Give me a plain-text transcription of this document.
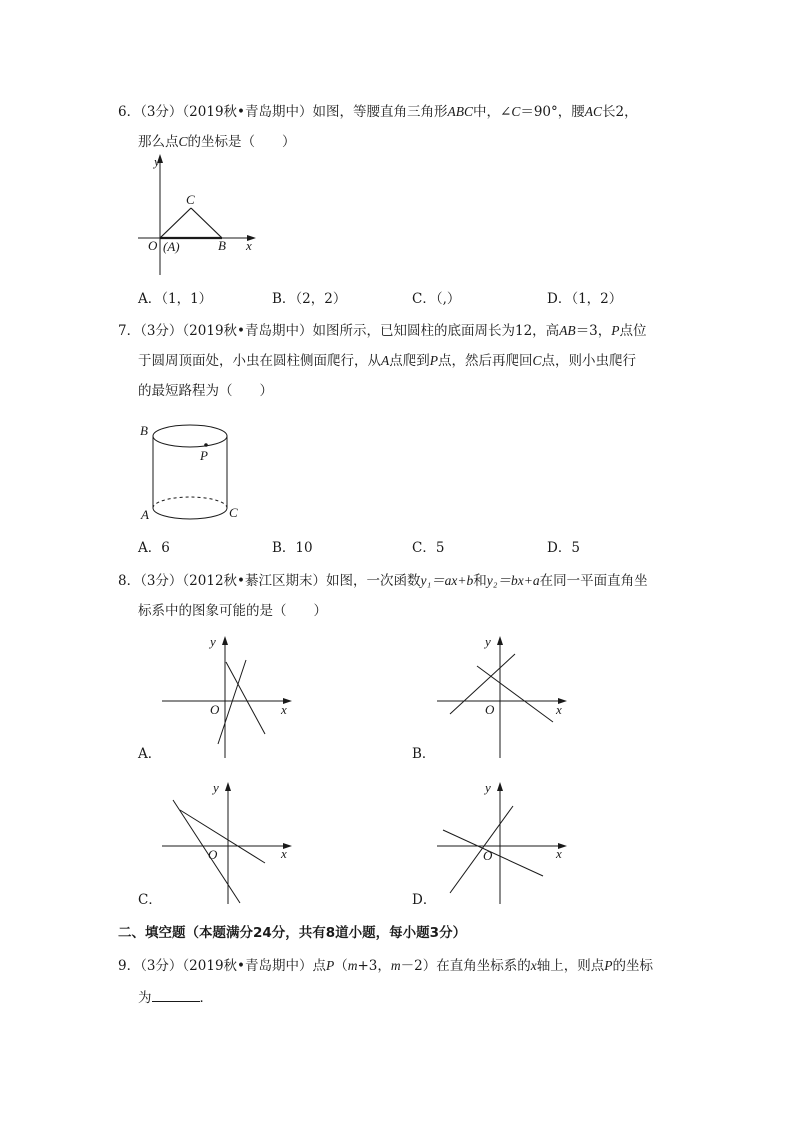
6．（3分）（2019秋•青岛期中）如图，等腰直角三角形ABC中，∠C＝90°，腰AC长2，
那么点C的坐标是（　　）
y
C
O (A)	B x
A．（1，1）	B．（2，2）	C．（,）	D．（1，2）
7．（3分）（2019秋•青岛期中）如图所示，已知圆柱的底面周长为12，高AB＝3，P点位
于圆周顶面处，小虫在圆柱侧面爬行，从A点爬到P点，然后再爬回C点，则小虫爬行
的最短路程为（　　）
B
P
A	C
A．6	B．10	C．5	D．5
8．（3分）（2012秋•綦江区期末）如图，一次函数y₁＝ax+b和y₂＝bx+a在同一平面直角坐
标系中的图象可能的是（　　）
y
O	x
A．
y
O	x
B．
y
O	x
C．
y
O	x
D．
二、填空题（本题满分24分，共有8道小题，每小题3分）
9．（3分）（2019秋•青岛期中）点P（m+3，m－2）在直角坐标系的x轴上，则点P的坐标
为	．
